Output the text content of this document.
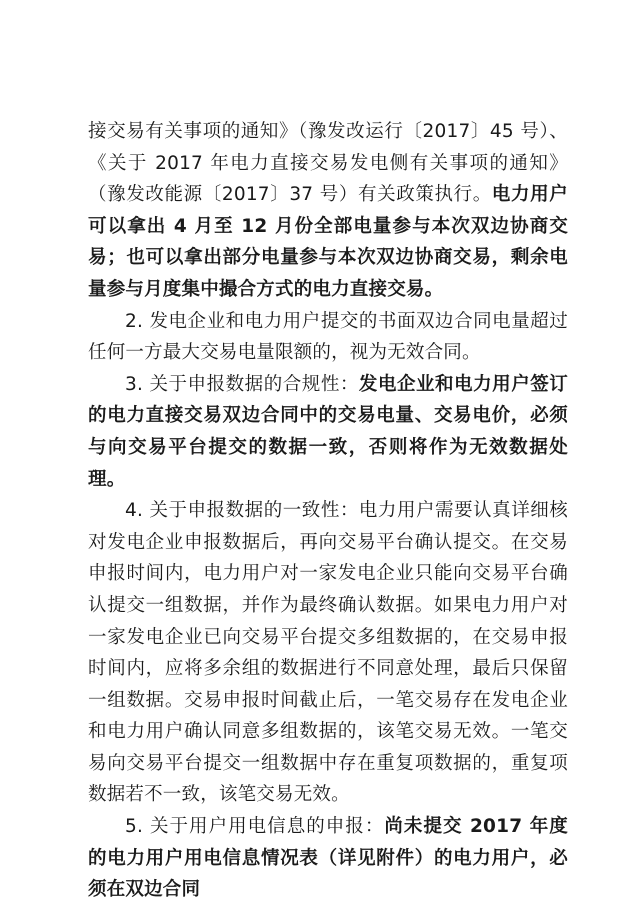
接交易有关事项的通知》（豫发改运行〔2017〕45 号）、《关于 2017 年电力直接交易发电侧有关事项的通知》（豫发改能源〔2017〕37 号）有关政策执行。电力用户可以拿出 4 月至 12 月份全部电量参与本次双边协商交易；也可以拿出部分电量参与本次双边协商交易，剩余电量参与月度集中撮合方式的电力直接交易。

2. 发电企业和电力用户提交的书面双边合同电量超过任何一方最大交易电量限额的，视为无效合同。

3. 关于申报数据的合规性：发电企业和电力用户签订的电力直接交易双边合同中的交易电量、交易电价，必须与向交易平台提交的数据一致，否则将作为无效数据处理。

4. 关于申报数据的一致性：电力用户需要认真详细核对发电企业申报数据后，再向交易平台确认提交。在交易申报时间内，电力用户对一家发电企业只能向交易平台确认提交一组数据，并作为最终确认数据。如果电力用户对一家发电企业已向交易平台提交多组数据的，在交易申报时间内，应将多余组的数据进行不同意处理，最后只保留一组数据。交易申报时间截止后，一笔交易存在发电企业和电力用户确认同意多组数据的，该笔交易无效。一笔交易向交易平台提交一组数据中存在重复项数据的，重复项数据若不一致，该笔交易无效。

5. 关于用户用电信息的申报：尚未提交 2017 年度的电力用户用电信息情况表（详见附件）的电力用户，必须在双边合同
